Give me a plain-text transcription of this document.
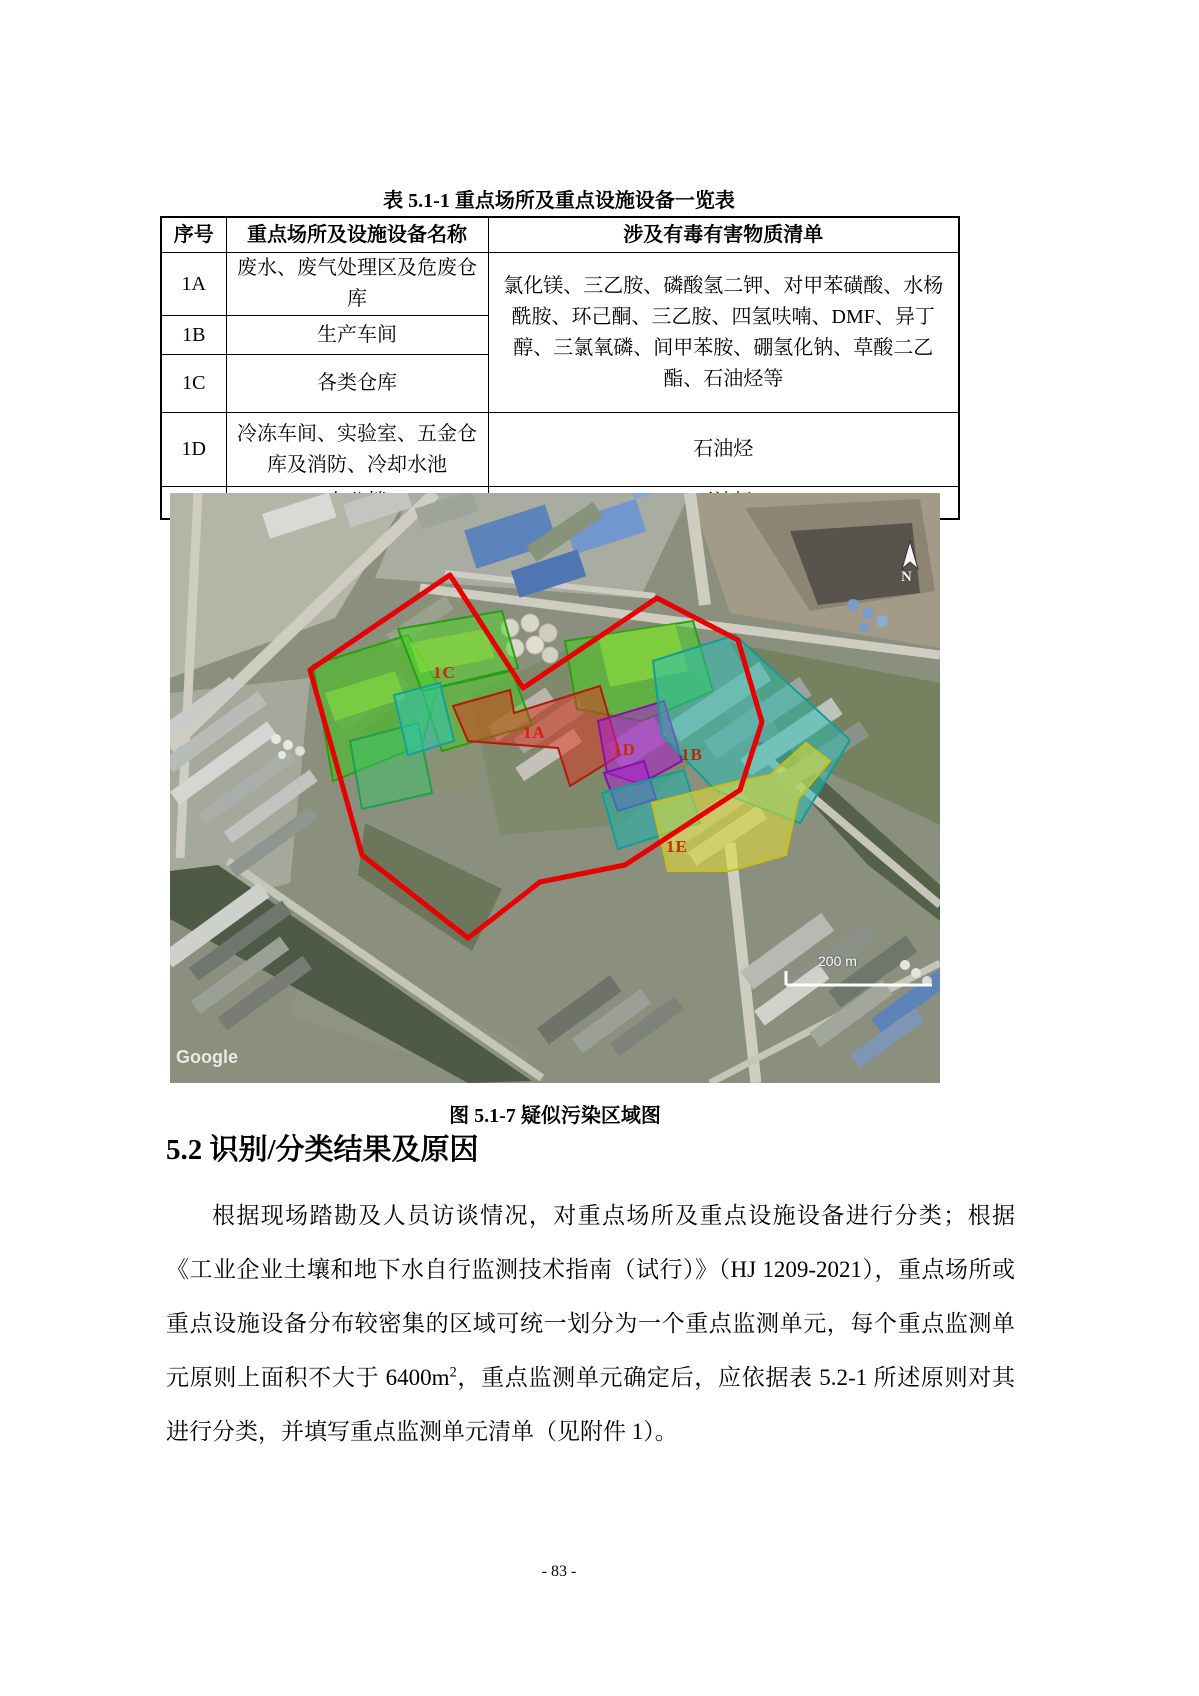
表 5.1-1 重点场所及重点设施设备一览表
序号	重点场所及设施设备名称	涉及有毒有害物质清单
1A	废水、废气处理区及危废仓库	氯化镁、三乙胺、磷酸氢二钾、对甲苯磺酸、水杨酰胺、环己酮、三乙胺、四氢呋喃、DMF、异丁醇、三氯氧磷、间甲苯胺、硼氢化钠、草酸二乙酯、石油烃等
1B	生产车间	
1C	各类仓库	
1D	冷冻车间、实验室、五金仓库及消防、冷却水池	石油烃

1C
1A
1D	1B
1E
N
200 m
Google
图 5.1-7 疑似污染区域图
5.2 识别/分类结果及原因

根据现场踏勘及人员访谈情况，对重点场所及重点设施设备进行分类；根据《工业企业土壤和地下水自行监测技术指南（试行）》（HJ 1209-2021），重点场所或重点设施设备分布较密集的区域可统一划分为一个重点监测单元，每个重点监测单元原则上面积不大于 $6400m^2$，重点监测单元确定后，应依据表 5.2-1 所述原则对其进行分类，并填写重点监测单元清单（见附件 1）。

- 83 -
